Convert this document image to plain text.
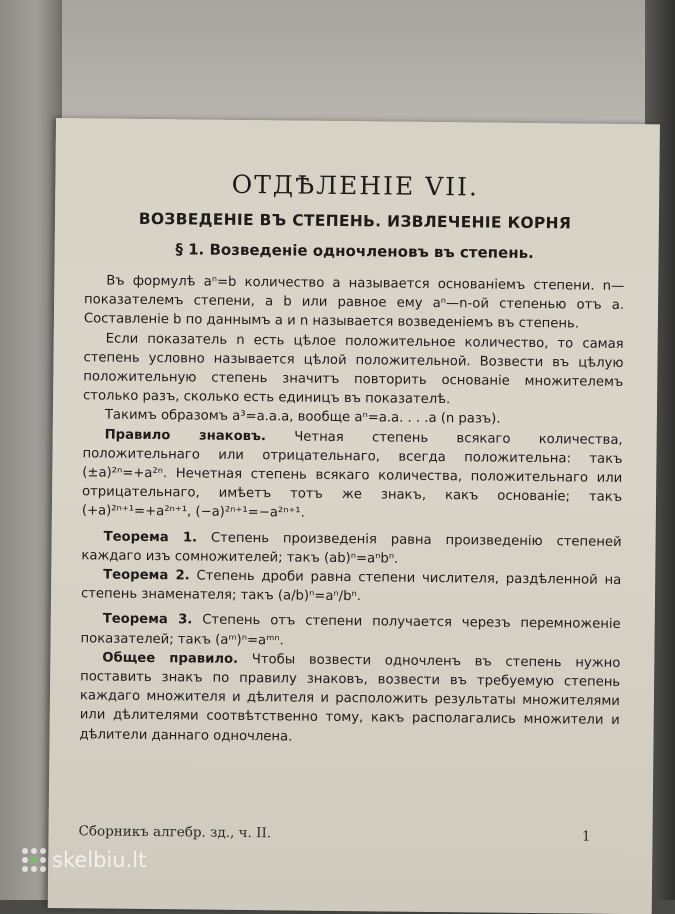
ОТДѢЛЕНІЕ VII.
ВОЗВЕДЕНІЕ ВЪ СТЕПЕНЬ. ИЗВЛЕЧЕНІЕ КОРНЯ
§ 1. Возведеніе одночленовъ въ степень.

Въ формулѣ aⁿ=b количество a называется основаніемъ степени. n—показателемъ степени, а b или равное ему aⁿ—n-ой степенью отъ a. Составленіе b по даннымъ a и n называется возведеніемъ въ степень.

Если показатель n есть цѣлое положительное количество, то самая степень условно называется цѣлой положительной. Возвести въ цѣлую положительную степень значитъ повторить основаніе множителемъ столько разъ, сколько есть единицъ въ показателѣ.

Такимъ образомъ a³=a.a.a, вообще aⁿ=a.a. . . .a (n разъ).

Правило знаковъ. Четная степень всякаго количества, положительнаго или отрицательнаго, всегда положительна: такъ (±a)²ⁿ=+a²ⁿ. Нечетная степень всякаго количества, положительнаго или отрицательнаго, имѣетъ тотъ же знакъ, какъ основаніе; такъ (+a)²ⁿ⁺¹=+a²ⁿ⁺¹, (−a)²ⁿ⁺¹=−a²ⁿ⁺¹.

Теорема 1. Степень произведенія равна произведенію степеней каждаго изъ сомножителей; такъ (ab)ⁿ=aⁿbⁿ.

Теорема 2. Степень дроби равна степени числителя, раздѣленной на степень знаменателя; такъ (a/b)ⁿ=aⁿ/bⁿ.

Теорема 3. Степень отъ степени получается черезъ перемноженіе показателей; такъ (aᵐ)ⁿ=aᵐⁿ.

Общее правило. Чтобы возвести одночленъ въ степень нужно поставить знакъ по правилу знаковъ, возвести въ требуемую степень каждаго множителя и дѣлителя и расположить результаты множителями или дѣлителями соотвѣтственно тому, какъ располагались множители и дѣлители даннаго одночлена.

Сборникъ алгебр. зд., ч. II.	1
skelbiu.lt
